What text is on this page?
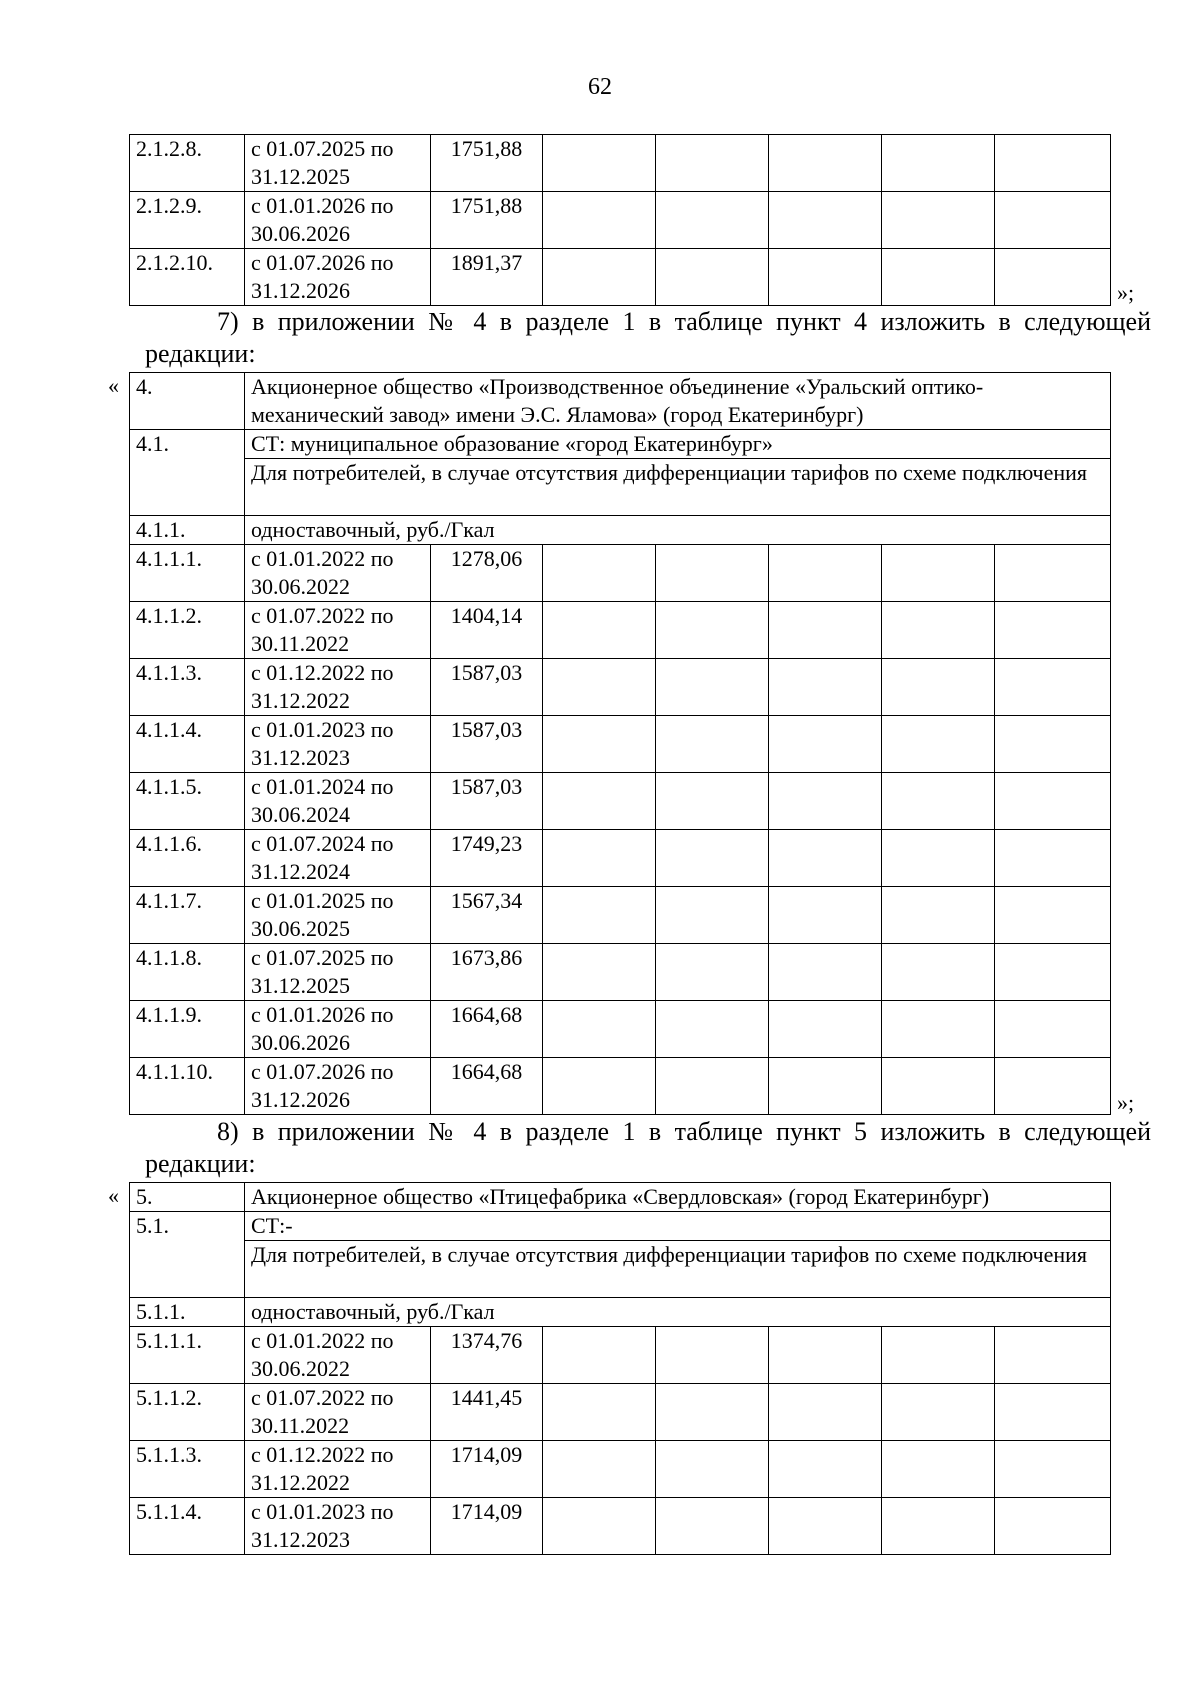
62
2.1.2.8.	с 01.07.2025 по 31.12.2025	1751,88					
2.1.2.9.	с 01.01.2026 по 30.06.2026	1751,88					
2.1.2.10.	с 01.07.2026 по 31.12.2026	1891,37					
»;
7) в приложении № 4 в разделе 1 в таблице пункт 4 изложить в следующей редакции:
« 4.	Акционерное общество «Производственное объединение «Уральский оптико-механический завод» имени Э.С. Яламова» (город Екатеринбург)						
4.1.	СТ: муниципальное образование «город Екатеринбург»						
	Для потребителей, в случае отсутствия дифференциации тарифов по схеме подключения						
4.1.1.	одноставочный, руб./Гкал						
4.1.1.1.	с 01.01.2022 по 30.06.2022	1278,06					
4.1.1.2.	с 01.07.2022 по 30.11.2022	1404,14					
4.1.1.3.	с 01.12.2022 по 31.12.2022	1587,03					
4.1.1.4.	с 01.01.2023 по 31.12.2023	1587,03					
4.1.1.5.	с 01.01.2024 по 30.06.2024	1587,03					
4.1.1.6.	с 01.07.2024 по 31.12.2024	1749,23					
4.1.1.7.	с 01.01.2025 по 30.06.2025	1567,34					
4.1.1.8.	с 01.07.2025 по 31.12.2025	1673,86					
4.1.1.9.	с 01.01.2026 по 30.06.2026	1664,68					
4.1.1.10.	с 01.07.2026 по 31.12.2026	1664,68					
»;
8) в приложении № 4 в разделе 1 в таблице пункт 5 изложить в следующей редакции:
« 5.	Акционерное общество «Птицефабрика «Свердловская» (город Екатеринбург)						
5.1.	СТ:-						
	Для потребителей, в случае отсутствия дифференциации тарифов по схеме подключения						
5.1.1.	одноставочный, руб./Гкал						
5.1.1.1.	с 01.01.2022 по 30.06.2022	1374,76					
5.1.1.2.	с 01.07.2022 по 30.11.2022	1441,45					
5.1.1.3.	с 01.12.2022 по 31.12.2022	1714,09					
5.1.1.4.	с 01.01.2023 по 31.12.2023	1714,09					
